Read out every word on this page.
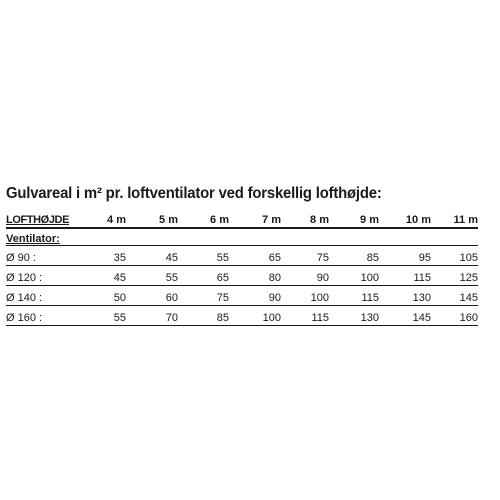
Gulvareal i m² pr. loftventilator ved forskellig lofthøjde:
LOFTHØJDE	4 m	5 m	6 m	7 m	8 m	9 m	10 m	11 m
Ventilator:								
Ø 90 :	35	45	55	65	75	85	95	105
Ø 120 :	45	55	65	80	90	100	115	125
Ø 140 :	50	60	75	90	100	115	130	145
Ø 160 :	55	70	85	100	115	130	145	160
